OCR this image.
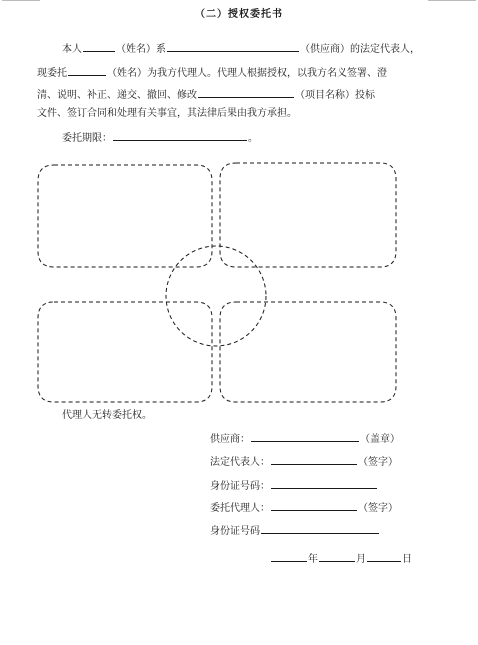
（二）授权委托书
本人	（姓名）系	（供应商）的法定代表人，
现委托	（姓名）为我方代理人。代理人根据授权，以我方名义签署、澄
清、说明、补正、递交、撤回、修改	（项目名称）投标
文件、签订合同和处理有关事宜，其法律后果由我方承担。
委托期限：	。
代理人无转委托权。
供应商：	（盖章）
法定代表人：	（签字）
身份证号码：
委托代理人：	（签字）
身份证号码
年	月	日
